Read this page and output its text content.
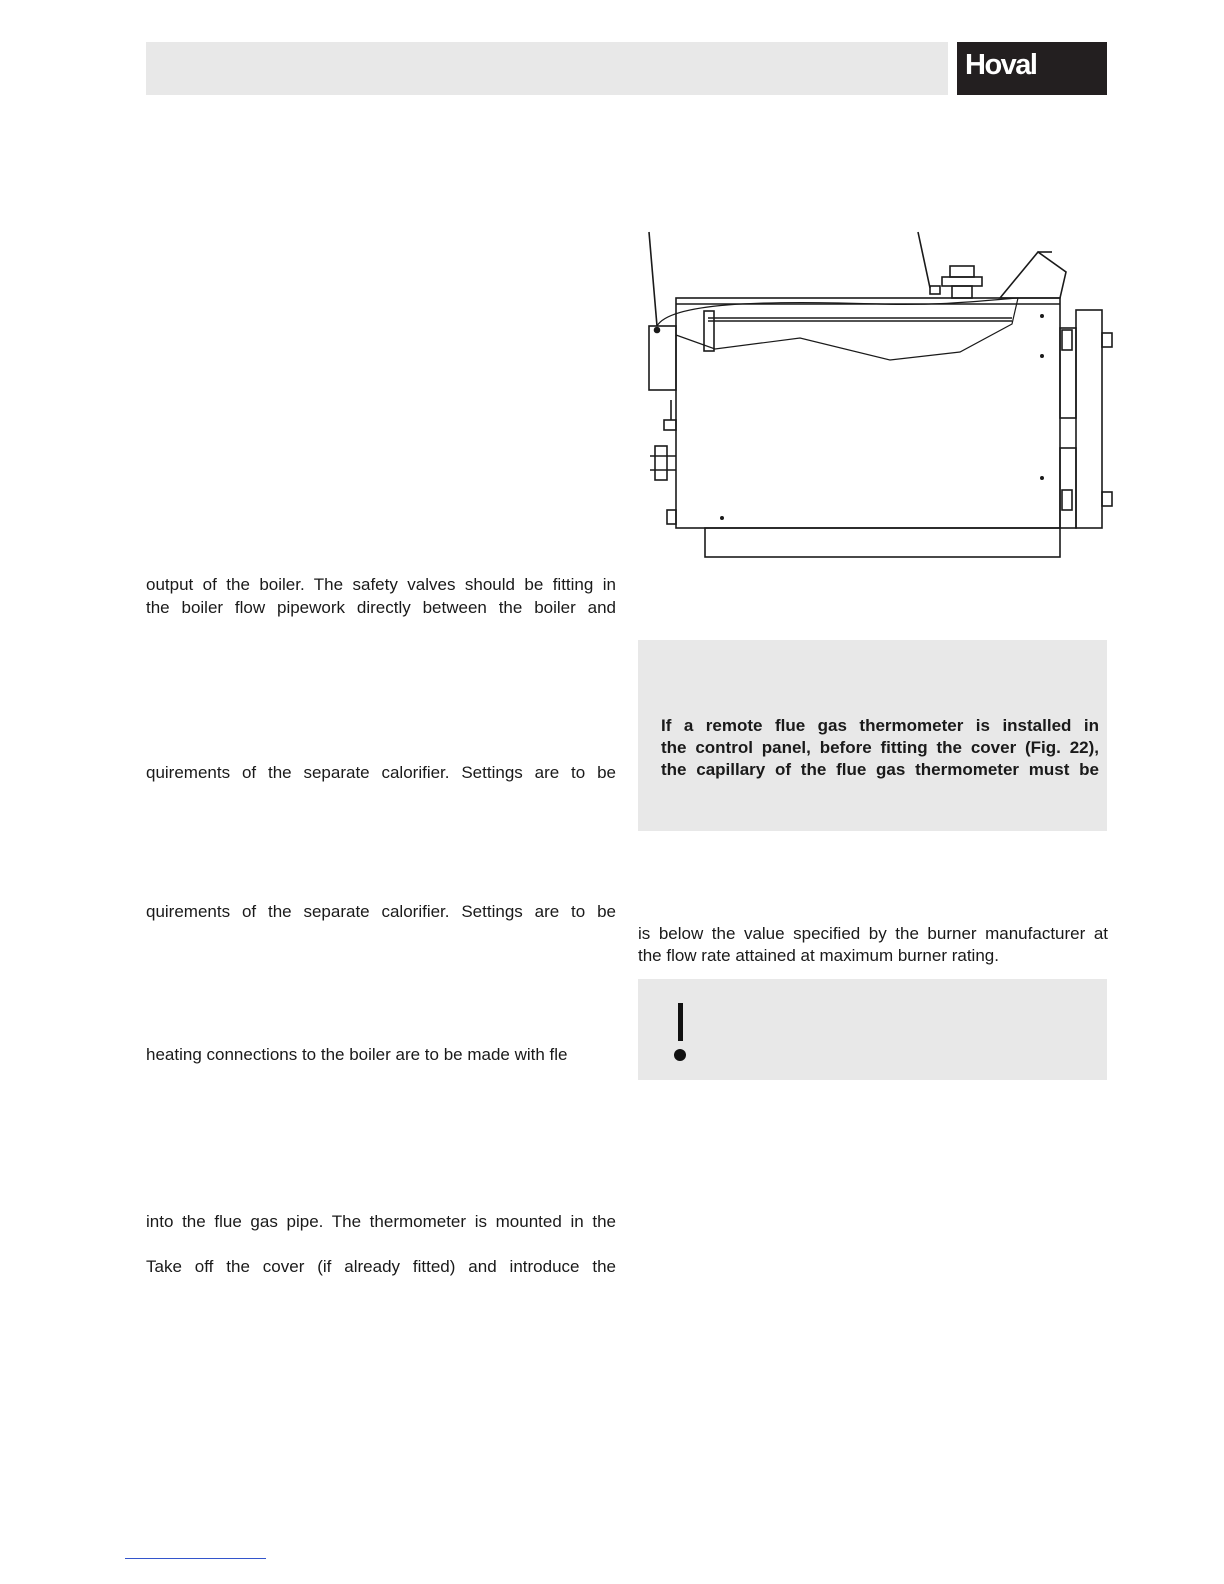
Hoval
output of the boiler. The safety valves should be fitting in
the boiler flow pipework directly between the boiler and
quirements of the separate calorifier. Settings are to be
quirements of the separate calorifier. Settings are to be
heating connections to the boiler are to be made with fle
into the flue gas pipe. The thermometer is mounted in the
Take off the cover (if already fitted) and introduce the
If a remote flue gas thermometer is installed in
the control panel, before fitting the cover (Fig. 22),
the capillary of the flue gas thermometer must be
is below the value specified by the burner manufacturer at
the flow rate attained at maximum burner rating.
